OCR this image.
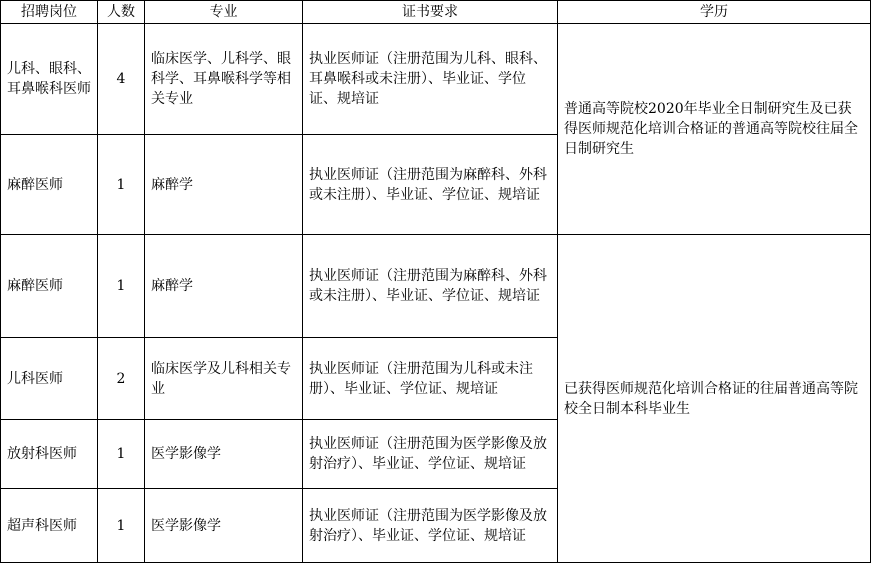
招聘岗位	人数	专业	证书要求	学历
儿科、眼科、耳鼻喉科医师	4	临床医学、儿科学、眼科学、耳鼻喉科学等相关专业	执业医师证（注册范围为儿科、眼科、耳鼻喉科或未注册）、毕业证、学位证、规培证	普通高等院校2020年毕业全日制研究生及已获得医师规范化培训合格证的普通高等院校往届全日制研究生
麻醉医师	1	麻醉学	执业医师证（注册范围为麻醉科、外科或未注册）、毕业证、学位证、规培证	
麻醉医师	1	麻醉学	执业医师证（注册范围为麻醉科、外科或未注册）、毕业证、学位证、规培证	已获得医师规范化培训合格证的往届普通高等院校全日制本科毕业生
儿科医师	2	临床医学及儿科相关专业	执业医师证（注册范围为儿科或未注册）、毕业证、学位证、规培证	
放射科医师	1	医学影像学	执业医师证（注册范围为医学影像及放射治疗）、毕业证、学位证、规培证	
超声科医师	1	医学影像学	执业医师证（注册范围为医学影像及放射治疗）、毕业证、学位证、规培证	
